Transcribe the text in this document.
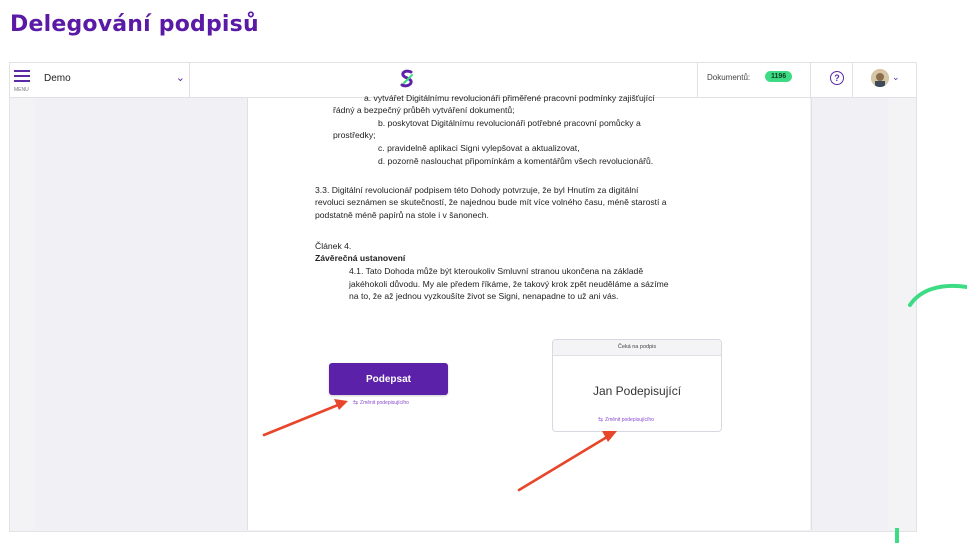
Delegování podpisů
MENU
Demo	⌄	Dokumentů:	1196	?	⌄
a. vytvářet Digitálnímu revolucionáři přiměřené pracovní podmínky zajišťující
řádný a bezpečný průběh vytváření dokumentů;
b. poskytovat Digitálnímu revolucionáři potřebné pracovní pomůcky a
prostředky;
c. pravidelně aplikaci Signi vylepšovat a aktualizovat,
d. pozorně naslouchat připomínkám a komentářům všech revolucionářů.
3.3. Digitální revolucionář podpisem této Dohody potvrzuje, že byl Hnutím za digitální
revoluci seznámen se skutečností, že najednou bude mít více volného času, méně starostí a
podstatně méně papírů na stole i v šanonech.
Článek 4.
Závěrečná ustanovení
4.1. Tato Dohoda může být kteroukoliv Smluvní stranou ukončena na základě
jakéhokoli důvodu. My ale předem říkáme, že takový krok zpět neuděláme a sázíme
na to, že až jednou vyzkoušíte život se Signi, nenapadne to už ani vás.
Podepsat
⇆ Změnit podepisujícího
Čeká na podpis
Jan Podepisující
⇆ Změnit podepisujícího
